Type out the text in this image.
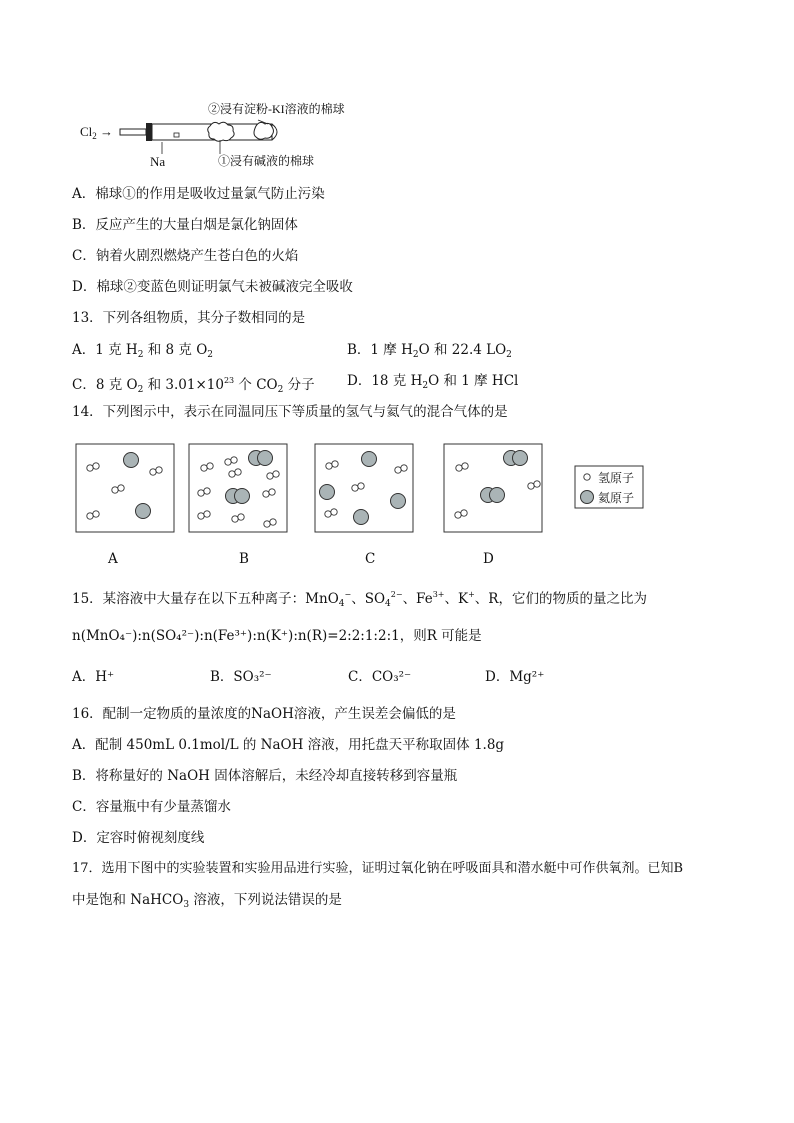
$Cl_2$ →
②浸有淀粉-KI溶液的棉球
Na	①浸有碱液的棉球
A．棉球①的作用是吸收过量氯气防止污染
B．反应产生的大量白烟是氯化钠固体
C．钠着火剧烈燃烧产生苍白色的火焰
D．棉球②变蓝色则证明氯气未被碱液完全吸收
13．下列各组物质，其分子数相同的是
A．1 克 $H_2$ 和 8 克 $O_2$	B．1 摩 $H_2O$ 和 22.4 $LO_2$
C．8 克 $O_2$ 和 $3.01\times 10^{23}$ 个 $CO_2$ 分子 D．18 克 $H_2O$ 和 1 摩 HCl
14．下列图示中，表示在同温同压下等质量的氢气与氦气的混合气体的是
氢原子
氦原子
A	B	C	D
15．某溶液中大量存在以下五种离子：MnO$_4$−、$SO_4^{2-}$、$Fe^{3+}$、K+、R，它们的物质的量之比为
n(MnO₄⁻):n(SO₄²⁻):n(Fe³⁺):n(K⁺):n(R)=2:2:1:2:1，则R 可能是
A．H⁺	B．SO₃²⁻	C．CO₃²⁻	D．Mg²⁺
16．配制一定物质的量浓度的NaOH溶液，产生误差会偏低的是
A．配制 450mL 0.1mol/L 的 NaOH 溶液，用托盘天平称取固体 1.8g
B．将称量好的 NaOH 固体溶解后，未经冷却直接转移到容量瓶
C．容量瓶中有少量蒸馏水
D．定容时俯视刻度线
17．选用下图中的实验装置和实验用品进行实验，证明过氧化钠在呼吸面具和潜水艇中可作供氧剂。已知B
中是饱和 NaHCO$_3$ 溶液，下列说法错误的是
